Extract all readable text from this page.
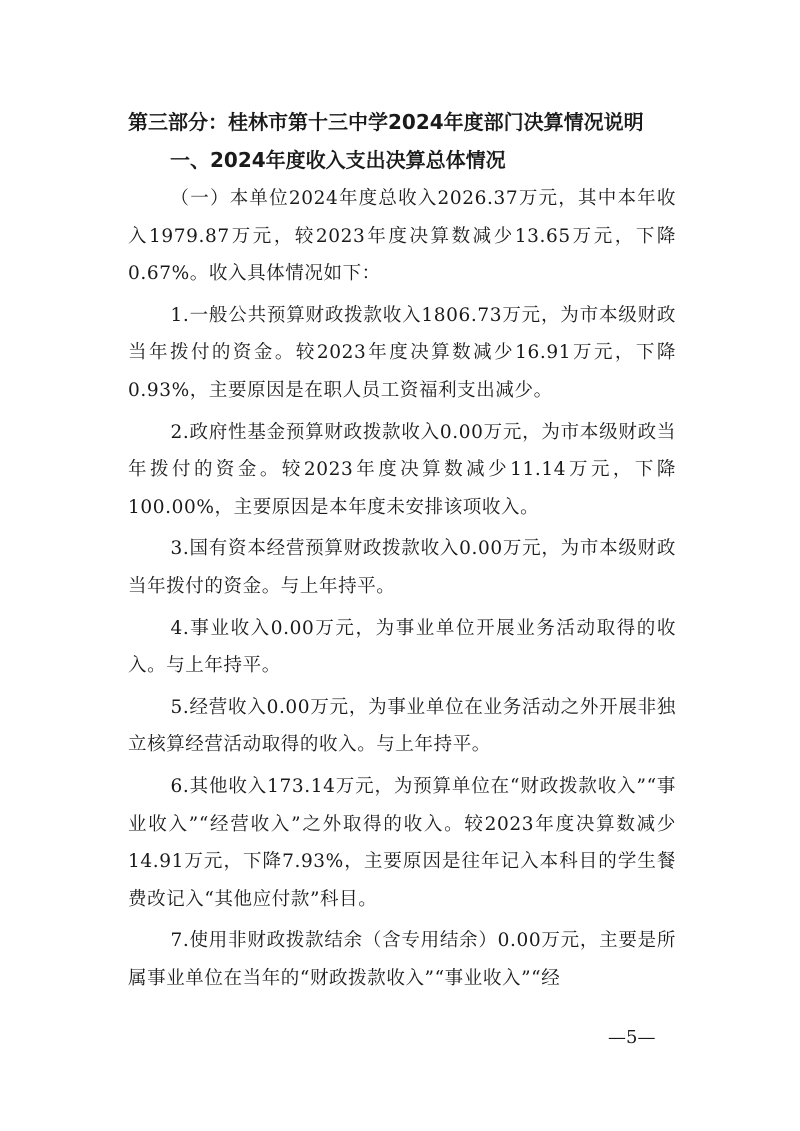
第三部分：桂林市第十三中学2024年度部门决算情况说明
一、2024年度收入支出决算总体情况

（一）本单位2024年度总收入2026.37万元，其中本年收入1979.87万元，较2023年度决算数减少13.65万元，下降0.67%。收入具体情况如下：

1.一般公共预算财政拨款收入1806.73万元，为市本级财政当年拨付的资金。较2023年度决算数减少16.91万元，下降0.93%，主要原因是在职人员工资福利支出减少。

2.政府性基金预算财政拨款收入0.00万元，为市本级财政当年拨付的资金。较2023年度决算数减少11.14万元，下降100.00%，主要原因是本年度未安排该项收入。

3.国有资本经营预算财政拨款收入0.00万元，为市本级财政当年拨付的资金。与上年持平。

4.事业收入0.00万元，为事业单位开展业务活动取得的收入。与上年持平。

5.经营收入0.00万元，为事业单位在业务活动之外开展非独立核算经营活动取得的收入。与上年持平。

6.其他收入173.14万元，为预算单位在“财政拨款收入”“事业收入”“经营收入”之外取得的收入。较2023年度决算数减少14.91万元，下降7.93%，主要原因是往年记入本科目的学生餐费改记入“其他应付款”科目。

7.使用非财政拨款结余（含专用结余）0.00万元，主要是所属事业单位在当年的“财政拨款收入”“事业收入”“经

—5—
